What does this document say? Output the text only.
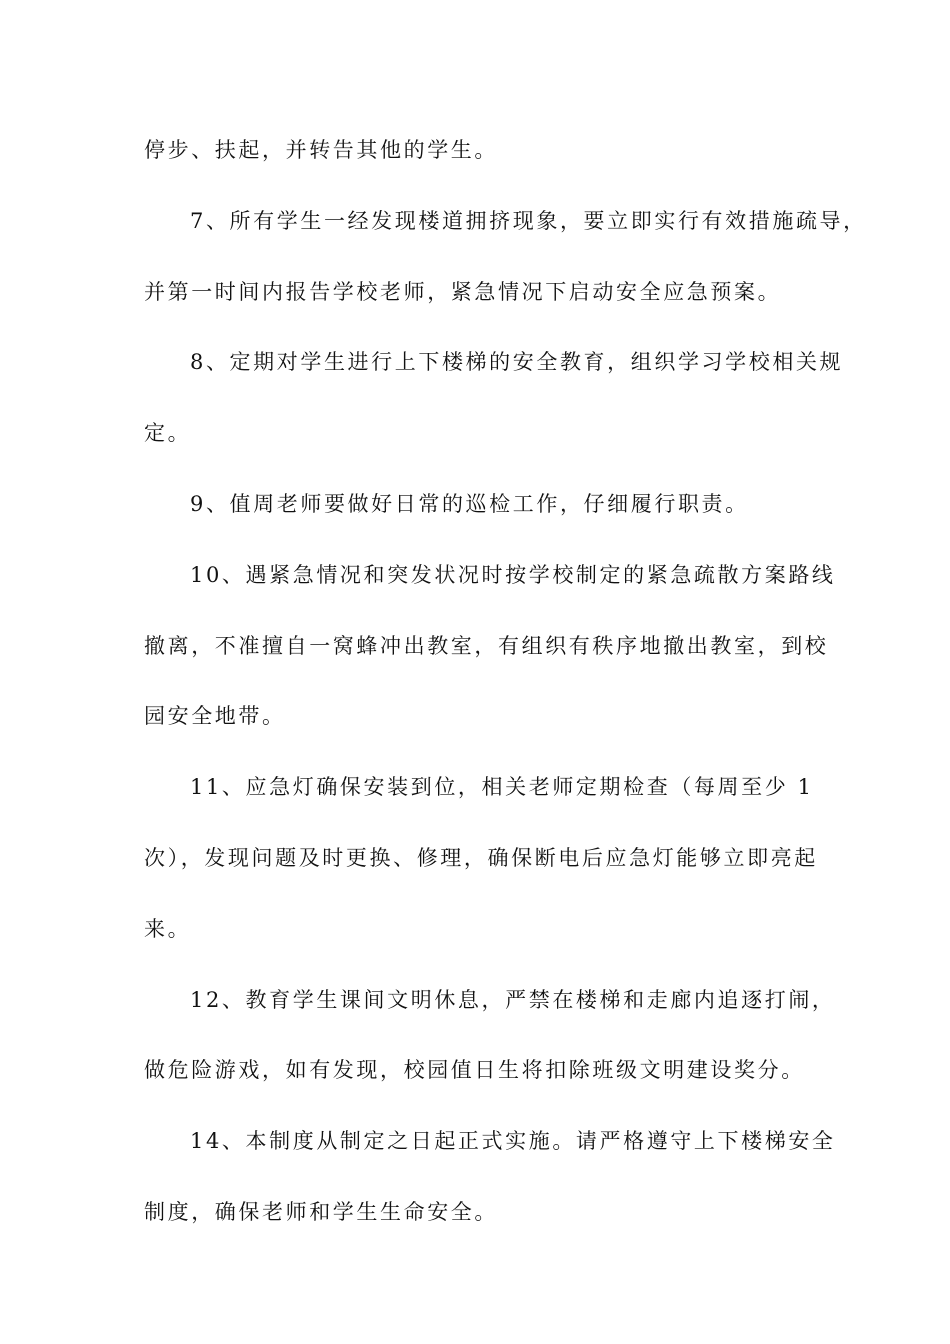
停步、扶起，并转告其他的学生。
7、所有学生一经发现楼道拥挤现象，要立即实行有效措施疏导，
并第一时间内报告学校老师，紧急情况下启动安全应急预案。
8、定期对学生进行上下楼梯的安全教育，组织学习学校相关规
定。
9、值周老师要做好日常的巡检工作，仔细履行职责。
10、遇紧急情况和突发状况时按学校制定的紧急疏散方案路线
撤离，不准擅自一窝蜂冲出教室，有组织有秩序地撤出教室，到校
园安全地带。
11、应急灯确保安装到位，相关老师定期检查（每周至少 1
次），发现问题及时更换、修理，确保断电后应急灯能够立即亮起
来。
12、教育学生课间文明休息，严禁在楼梯和走廊内追逐打闹，
做危险游戏，如有发现，校园值日生将扣除班级文明建设奖分。
14、本制度从制定之日起正式实施。请严格遵守上下楼梯安全
制度，确保老师和学生生命安全。
